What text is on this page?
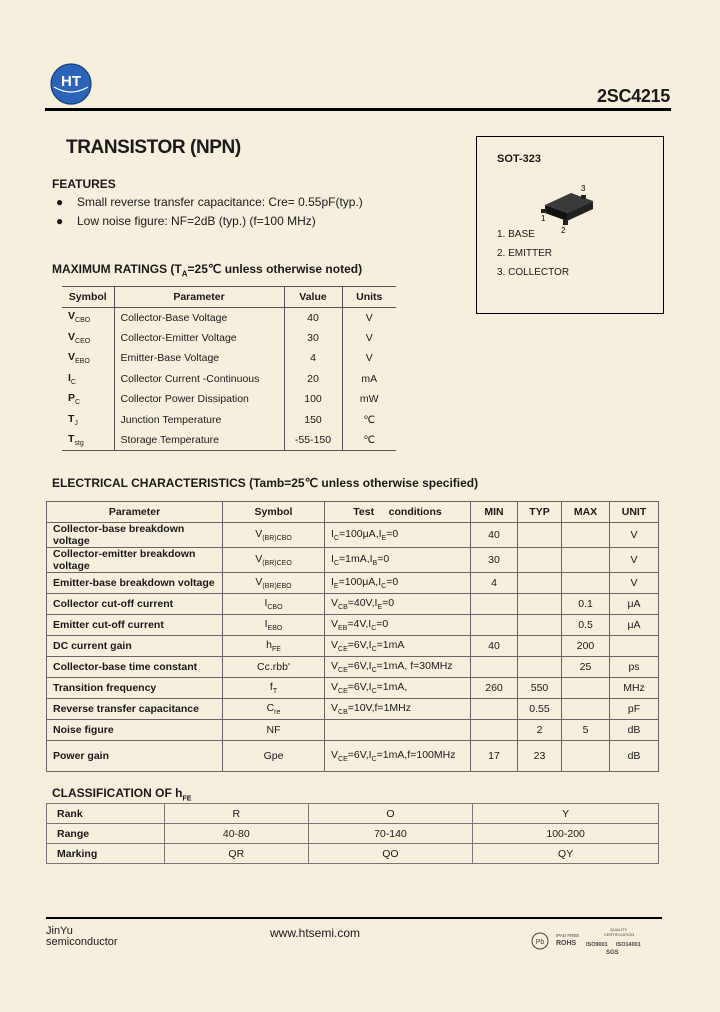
HT
2SC4215
TRANSISTOR (NPN)
SOT-323
1
2
3
1. BASE
2. EMITTER
3. COLLECTOR
FEATURES
● Small reverse transfer capacitance: Cre= 0.55pF(typ.)
● Low noise figure: NF=2dB (typ.) (f=100 MHz)
MAXIMUM RATINGS ($T_A=25℃$ unless otherwise noted)
Symbol	Parameter	Value	Units
$V_{CBO}$	Collector-Base Voltage	40	V
$V_{CEO}$	Collector-Emitter Voltage	30	V
$V_{EBO}$	Emitter-Base Voltage	4	V
$I_C$	Collector Current -Continuous	20	mA
$P_C$	Collector Power Dissipation	100	mW
$T_J$	Junction Temperature	150	℃
$T_{stg}$	Storage Temperature	-55-150	℃
ELECTRICAL CHARACTERISTICS (Tamb=25℃ unless otherwise specified)
Parameter	Symbol	Test     conditions	MIN	TYP	MAX	UNIT
Collector-base breakdown voltage	$V_{(BR)CBO}$	$I_C=100\mu A,I_E=0$	40			V
Collector-emitter breakdown voltage	$V_{(BR)CEO}$	$I_C=1mA,I_B=0$	30			V
Emitter-base breakdown voltage	$V_{(BR)EBO}$	$I_E=100\mu A,I_C=0$	4			V
Collector cut-off current	$I_{CBO}$	$V_{CB}=40V,I_E=0$			0.1	μA
Emitter cut-off current	$I_{EBO}$	$V_{EB}=4V,I_C=0$			0.5	μA
DC current gain	$h_{FE}$	$V_{CE}=6V,I_C=1mA$	40		200	
Collector-base time constant	Cc.rbb'	$V_{CE}=6V,I_C=1mA$, f=30MHz			25	ps
Transition frequency	$f_T$	$V_{CE}=6V,I_C=1mA$,	260	550		MHz
Reverse transfer capacitance	$C_{re}$	$V_{CB}=10V,f=1MHz$		0.55		pF
Noise figure	NF			2	5	dB
Power gain	Gpe	$V_{CE}=6V,I_C=1mA,f=100MHz$	17	23		dB
CLASSIFICATION OF $h_{FE}$
Rank	R	O	Y
Range	40-80	70-140	100-200
Marking	QR	QO	QY
JinYu
semiconductor
www.htsemi.com
Pb
IPAD FREE
ROHS
QUALITY
CERTIFICATION
ISO9001 ISO14001
SGS
